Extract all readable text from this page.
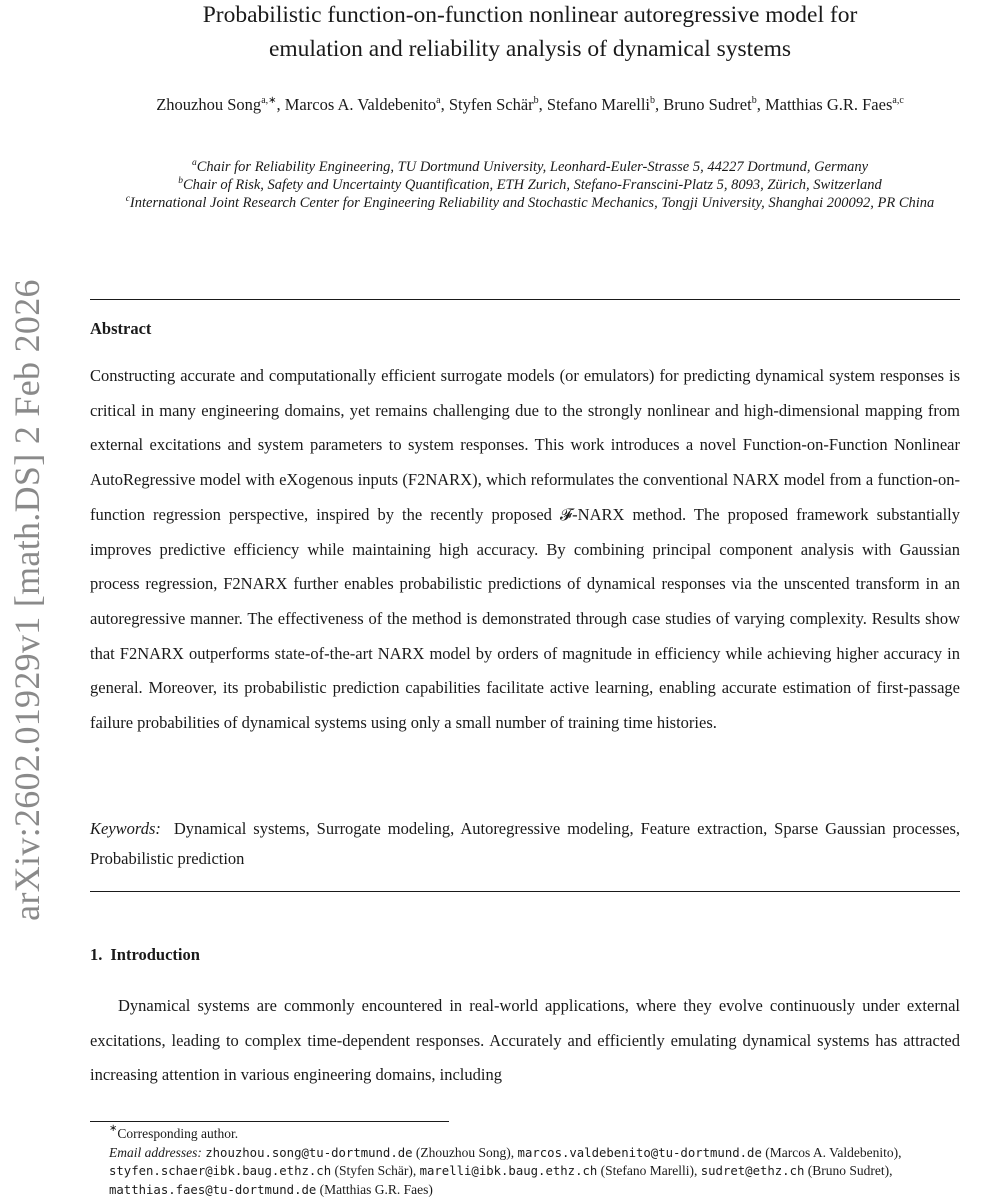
arXiv:2602.01929v1 [math.DS] 2 Feb 2026
Probabilistic function-on-function nonlinear autoregressive model for
emulation and reliability analysis of dynamical systems
Zhouzhou Song$^{a,∗}$, Marcos A. Valdebenito$^a$, Styfen Schär$^b$, Stefano Marelli$^b$, Bruno Sudret$^b$, Matthias G.R. Faes$^{a,c}$
$^a$Chair for Reliability Engineering, TU Dortmund University, Leonhard-Euler-Strasse 5, 44227 Dortmund, Germany
$^b$Chair of Risk, Safety and Uncertainty Quantification, ETH Zurich, Stefano-Franscini-Platz 5, 8093, Zürich, Switzerland
$^c$International Joint Research Center for Engineering Reliability and Stochastic Mechanics, Tongji University, Shanghai 200092, PR China
Abstract

Constructing accurate and computationally efficient surrogate models (or emulators) for predicting dynamical system responses is critical in many engineering domains, yet remains challenging due to the strongly nonlinear and high-dimensional mapping from external excitations and system parameters to system responses. This work introduces a novel Function-on-Function Nonlinear AutoRegressive model with eXogenous inputs (F2NARX), which reformulates the conventional NARX model from a function-on-function regression perspective, inspired by the recently proposed 𝓕-NARX method. The proposed framework substantially improves predictive efficiency while maintaining high accuracy. By combining principal component analysis with Gaussian process regression, F2NARX further enables probabilistic predictions of dynamical responses via the unscented transform in an autoregressive manner. The effectiveness of the method is demonstrated through case studies of varying complexity. Results show that F2NARX outperforms state-of-the-art NARX model by orders of magnitude in efficiency while achieving higher accuracy in general. Moreover, its probabilistic prediction capabilities facilitate active learning, enabling accurate estimation of first-passage failure probabilities of dynamical systems using only a small number of training time histories.

Keywords: Dynamical systems, Surrogate modeling, Autoregressive modeling, Feature extraction, Sparse Gaussian processes, Probabilistic prediction
1. Introduction

Dynamical systems are commonly encountered in real-world applications, where they evolve continuously under external excitations, leading to complex time-dependent responses. Accurately and efficiently emulating dynamical systems has attracted increasing attention in various engineering domains, including

∗Corresponding author.
Email addresses: zhouzhou.song@tu-dortmund.de (Zhouzhou Song), marcos.valdebenito@tu-dortmund.de (Marcos A. Valdebenito), styfen.schaer@ibk.baug.ethz.ch (Styfen Schär), marelli@ibk.baug.ethz.ch (Stefano Marelli), sudret@ethz.ch (Bruno Sudret), matthias.faes@tu-dortmund.de (Matthias G.R. Faes)
